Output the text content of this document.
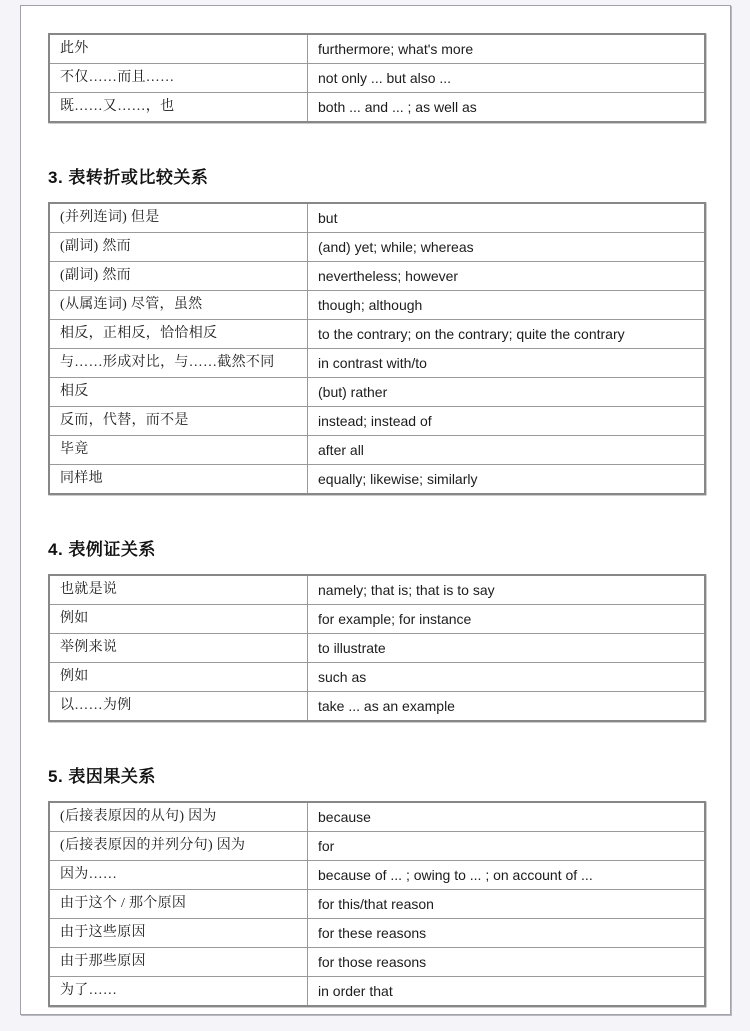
此外	furthermore; what's more
不仅……而且……	not only ... but also ...
既……又……，也	both ... and ... ; as well as
3. 表转折或比较关系
(并列连词) 但是	but
(副词) 然而	(and) yet; while; whereas
(副词) 然而	nevertheless; however
(从属连词) 尽管，虽然	though; although
相反，正相反，恰恰相反	to the contrary; on the contrary; quite the contrary
与……形成对比，与……截然不同	in contrast with/to
相反	(but) rather
反而，代替，而不是	instead; instead of
毕竟	after all
同样地	equally; likewise; similarly
4. 表例证关系
也就是说	namely; that is; that is to say
例如	for example; for instance
举例来说	to illustrate
例如	such as
以……为例	take ... as an example
5. 表因果关系
(后接表原因的从句) 因为	because
(后接表原因的并列分句) 因为	for
因为……	because of ... ; owing to ... ; on account of ...
由于这个 / 那个原因	for this/that reason
由于这些原因	for these reasons
由于那些原因	for those reasons
为了……	in order that
